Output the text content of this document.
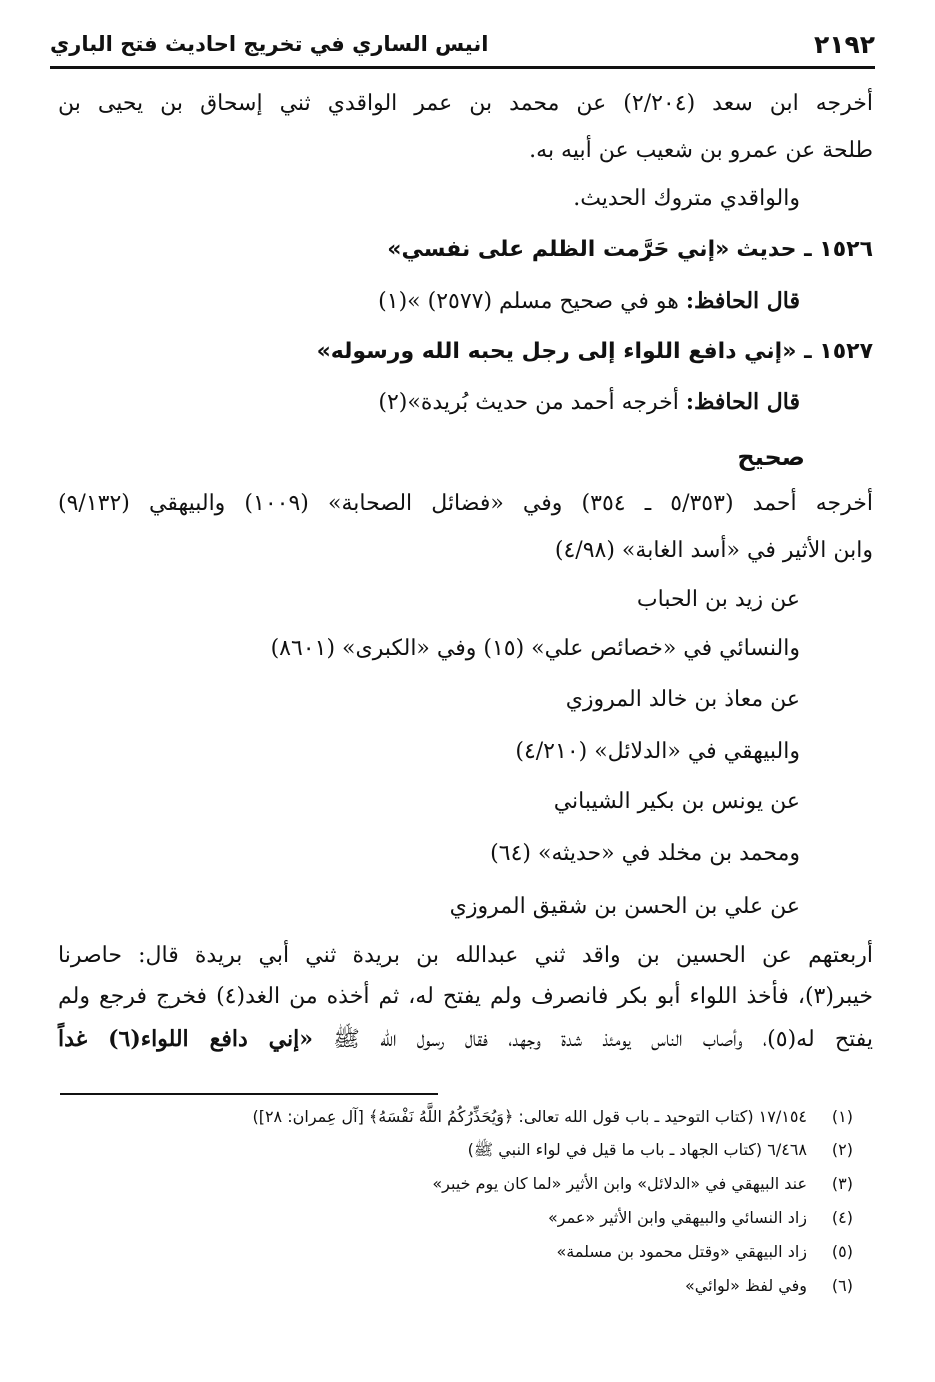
٢١٩٢
انيس الساري في تخريج احاديث فتح الباري
أخرجه ابن سعد (٢/٢٠٤) عن محمد بن عمر الواقدي ثني إسحاق بن يحيى بن
طلحة عن عمرو بن شعيب عن أبيه به.
والواقدي متروك الحديث.
١٥٢٦ ـ حديث «إني حَرَّمت الظلم على نفسي»
قال الحافظ: هو في صحيح مسلم (٢٥٧٧) »(١)
١٥٢٧ ـ «إني دافع اللواء إلى رجل يحبه الله ورسوله»
قال الحافظ: أخرجه أحمد من حديث بُريدة»(٢)
صحيح
أخرجه أحمد (٥/٣٥٣ ـ ٣٥٤) وفي «فضائل الصحابة» (١٠٠٩) والبيهقي (٩/١٣٢)
وابن الأثير في «أسد الغابة» (٤/٩٨)
عن زيد بن الحباب
والنسائي في «خصائص علي» (١٥) وفي «الكبرى» (٨٦٠١)
عن معاذ بن خالد المروزي
والبيهقي في «الدلائل» (٤/٢١٠)
عن يونس بن بكير الشيباني
ومحمد بن مخلد في «حديثه» (٦٤)
عن علي بن الحسن بن شقيق المروزي
أربعتهم عن الحسين بن واقد ثني عبدالله بن بريدة ثني أبي بريدة قال: حاصرنا
خيبر(٣)، فأخذ اللواء أبو بكر فانصرف ولم يفتح له، ثم أخذه من الغد(٤) فخرج فرجع ولم
يفتح له(٥)، وأصاب الناس يومئذ شدة وجهد، فقال رسول الله ﷺ «إني دافع اللواء(٦) غداً
(١)١٧/١٥٤ (كتاب التوحيد ـ باب قول الله تعالى: ﴿وَيُحَذِّرُكُمُ اللَّهُ نَفْسَهُ﴾ [آل عِمران: ٢٨])
(٢)٦/٤٦٨ (كتاب الجهاد ـ باب ما قيل في لواء النبي ﷺ)
(٣)عند البيهقي في «الدلائل» وابن الأثير «لما كان يوم خيبر»
(٤)زاد النسائي والبيهقي وابن الأثير «عمر»
(٥)زاد البيهقي «وقتل محمود بن مسلمة»
(٦)وفي لفظ «لوائي»
